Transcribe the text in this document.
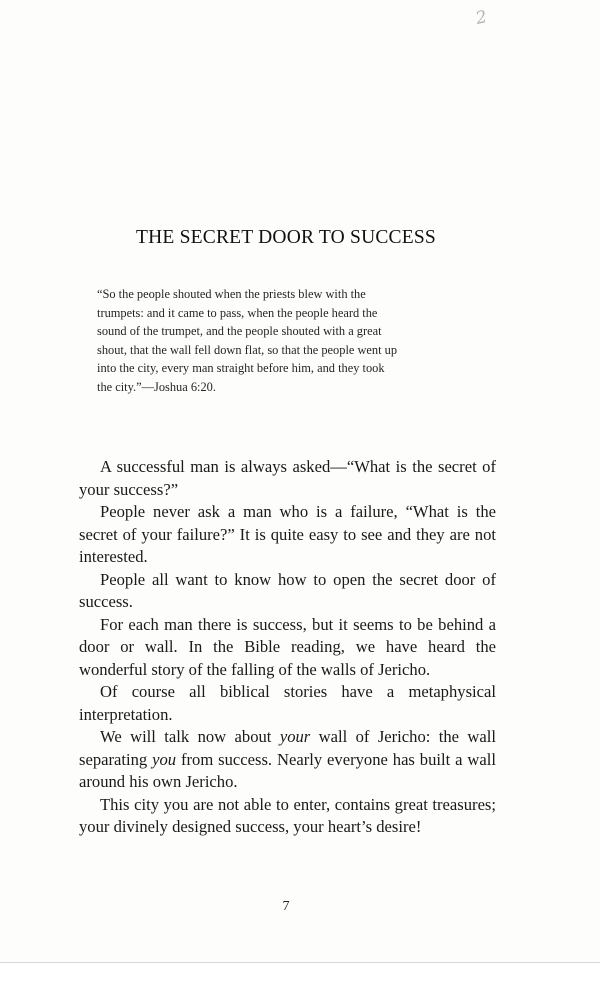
2
THE SECRET DOOR TO SUCCESS
“So the people shouted when the priests blew with the
trumpets: and it came to pass, when the people heard the
sound of the trumpet, and the people shouted with a great
shout, that the wall fell down flat, so that the people went up
into the city, every man straight before him, and they took
the city.”—Joshua 6:20.

A successful man is always asked—“What is the secret of your success?”

People never ask a man who is a failure, “What is the secret of your failure?” It is quite easy to see and they are not interested.

People all want to know how to open the secret door of success.

For each man there is success, but it seems to be behind a door or wall. In the Bible reading, we have heard the wonderful story of the falling of the walls of Jericho.

Of course all biblical stories have a metaphysical interpretation.

We will talk now about your wall of Jericho: the wall separating you from success. Nearly everyone has built a wall around his own Jericho.

This city you are not able to enter, contains great treasures; your divinely designed success, your heart’s desire!

7
